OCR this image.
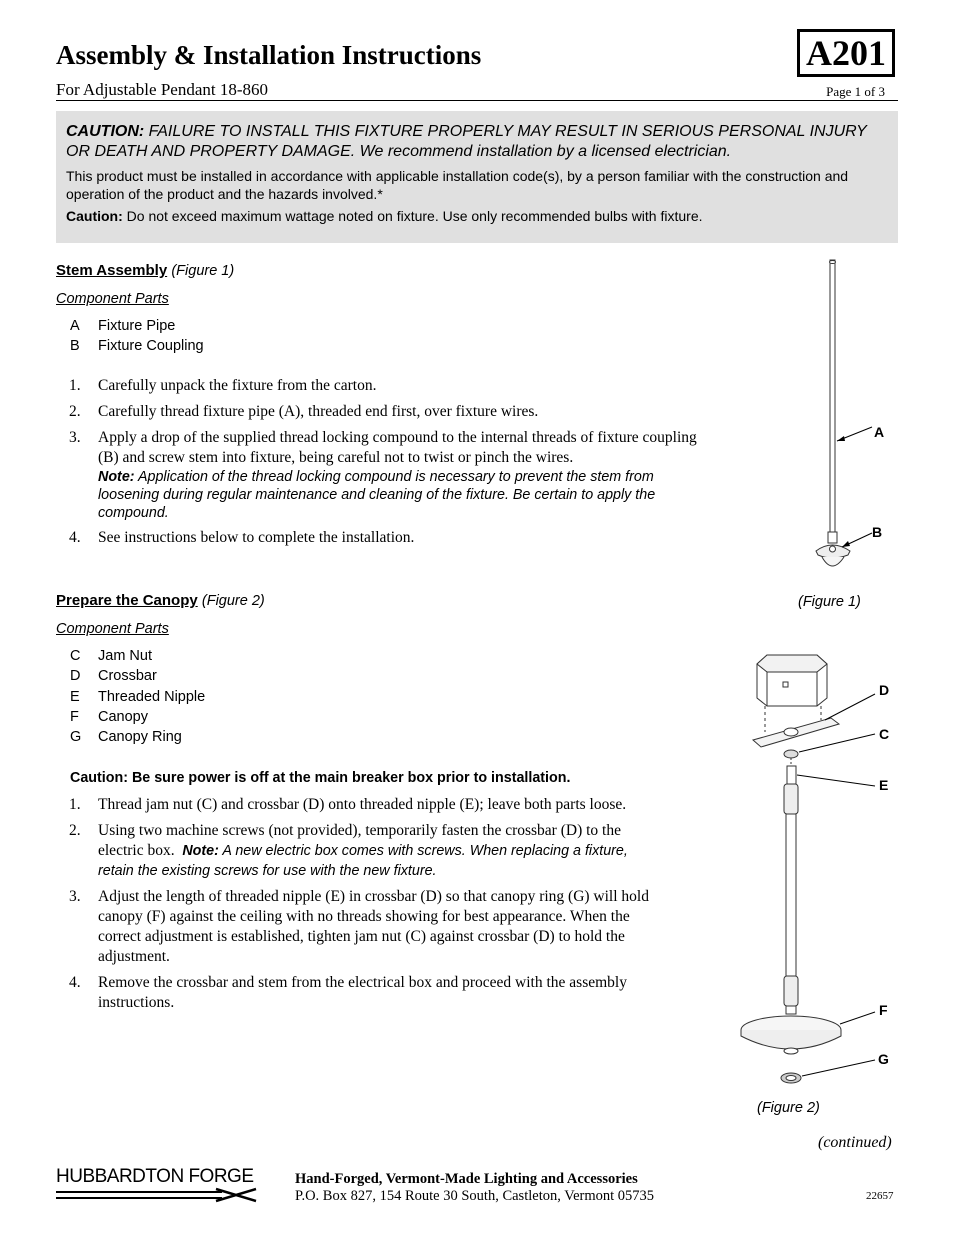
Assembly & Installation Instructions	A201
For Adjustable Pendant 18-860	Page 1 of 3
CAUTION: FAILURE TO INSTALL THIS FIXTURE PROPERLY MAY RESULT IN SERIOUS PERSONAL INJURY OR DEATH AND PROPERTY DAMAGE. We recommend installation by a licensed electrician.
This product must be installed in accordance with applicable installation code(s), by a person familiar with the construction and operation of the product and the hazards involved.*
Caution: Do not exceed maximum wattage noted on fixture. Use only recommended bulbs with fixture.
Stem Assembly (Figure 1)
Component Parts
A	Fixture Pipe
B	Fixture Coupling
1.	Carefully unpack the fixture from the carton.
2.	Carefully thread fixture pipe (A), threaded end first, over fixture wires.
3.	Apply a drop of the supplied thread locking compound to the internal threads of fixture coupling (B) and screw stem into fixture, being careful not to twist or pinch the wires.
Note: Application of the thread locking compound is necessary to prevent the stem from loosening during regular maintenance and cleaning of the fixture. Be certain to apply the compound.
4.	See instructions below to complete the installation.
A
B
(Figure 1)
Prepare the Canopy (Figure 2)
Component Parts
C	Jam Nut
D	Crossbar
E	Threaded Nipple
F	Canopy
G	Canopy Ring
Caution: Be sure power is off at the main breaker box prior to installation.
1.	Thread jam nut (C) and crossbar (D) onto threaded nipple (E); leave both parts loose.
2.	Using two machine screws (not provided), temporarily fasten the crossbar (D) to the electric box. Note: A new electric box comes with screws. When replacing a fixture, retain the existing screws for use with the new fixture.
3.	Adjust the length of threaded nipple (E) in crossbar (D) so that canopy ring (G) will hold canopy (F) against the ceiling with no threads showing for best appearance. When the correct adjustment is established, tighten jam nut (C) against crossbar (D) to hold the adjustment.
4.	Remove the crossbar and stem from the electrical box and proceed with the assembly instructions.
D
C
E
F
G
(Figure 2)
(continued)
HUBBARDTON FORGE	Hand-Forged, Vermont-Made Lighting and Accessories
P.O. Box 827, 154 Route 30 South, Castleton, Vermont 05735	22657
